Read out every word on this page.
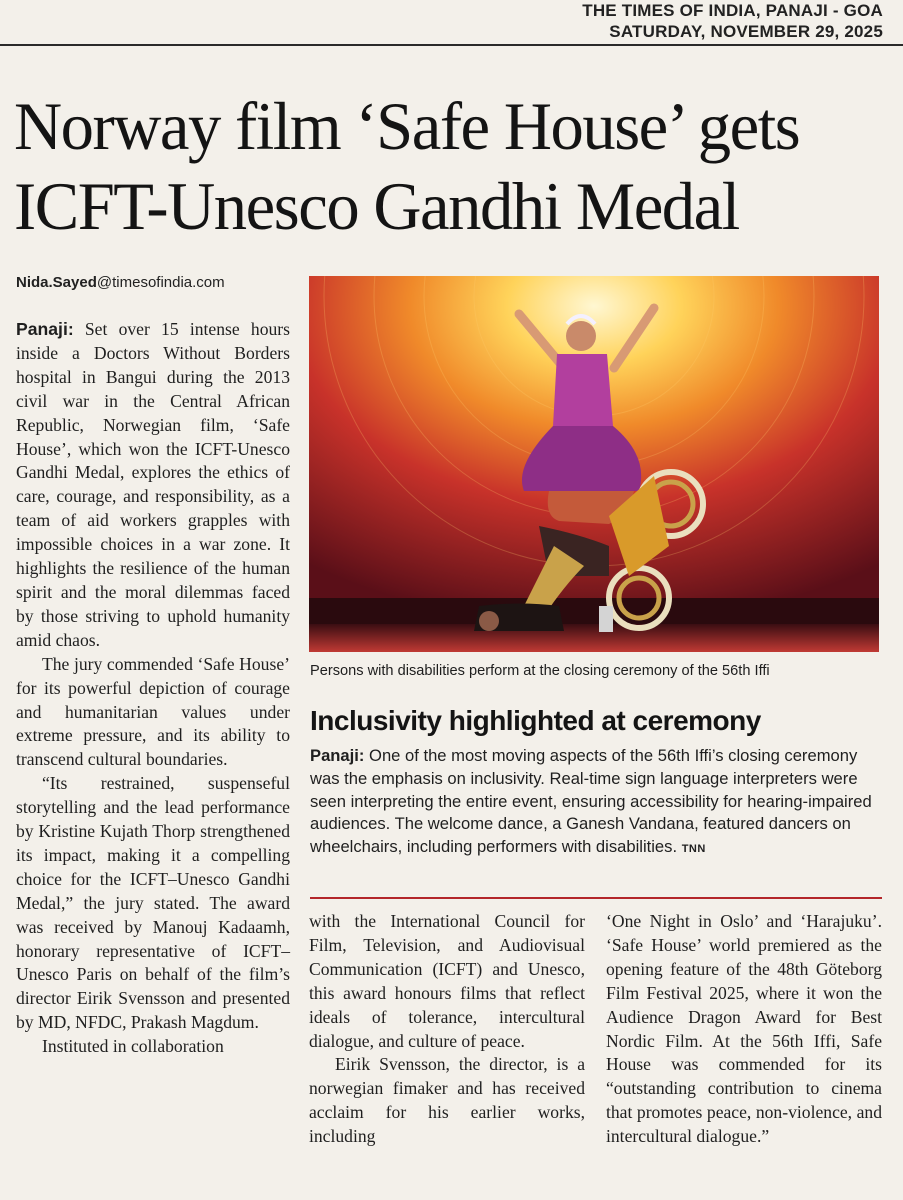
THE TIMES OF INDIA, PANAJI - GOA
SATURDAY, NOVEMBER 29, 2025
Norway film ‘Safe House’ gets
ICFT-Unesco Gandhi Medal
Nida.Sayed@timesofindia.com

Panaji: Set over 15 intense hours inside a Doctors Without Borders hospital in Bangui during the 2013 civil war in the Central African Republic, Norwegian film, ‘Safe House’, which won the ICFT-Unesco Gandhi Medal, explores the ethics of care, courage, and responsibility, as a team of aid workers grapples with impossible choices in a war zone. It highlights the resilience of the human spirit and the moral dilemmas faced by those striving to uphold humanity amid chaos.

The jury commended ‘Safe House’ for its powerful depiction of courage and humanitarian values under extreme pressure, and its ability to transcend cultural boundaries.

“Its restrained, suspenseful storytelling and the lead performance by Kristine Kujath Thorp strengthened its impact, making it a compelling choice for the ICFT–Unesco Gandhi Medal,” the jury stated. The award was received by Manouj Kadaamh, honorary representative of ICFT–Unesco Paris on behalf of the film’s director Eirik Svensson and presented by MD, NFDC, Prakash Magdum.

Instituted in collaboration

Persons with disabilities perform at the closing ceremony of the 56th Iffi
Inclusivity highlighted at ceremony
Panaji: One of the most moving aspects of the 56th Iffi’s closing ceremony was the emphasis on inclusivity. Real-time sign language interpreters were seen interpreting the entire event, ensuring accessibility for hearing-impaired audiences. The welcome dance, a Ganesh Vandana, featured dancers on wheelchairs, including performers with disabilities. TNN

with the International Council for Film, Television, and Audiovisual Communication (ICFT) and Unesco, this award honours films that reflect ideals of tolerance, intercultural dialogue, and culture of peace.

Eirik Svensson, the director, is a norwegian fimaker and has received acclaim for his earlier works, including

‘One Night in Oslo’ and ‘Harajuku’. ‘Safe House’ world premiered as the opening feature of the 48th Göteborg Film Festival 2025, where it won the Audience Dragon Award for Best Nordic Film. At the 56th Iffi, Safe House was commended for its “outstanding contribution to cinema that promotes peace, non-violence, and intercultural dialogue.”
